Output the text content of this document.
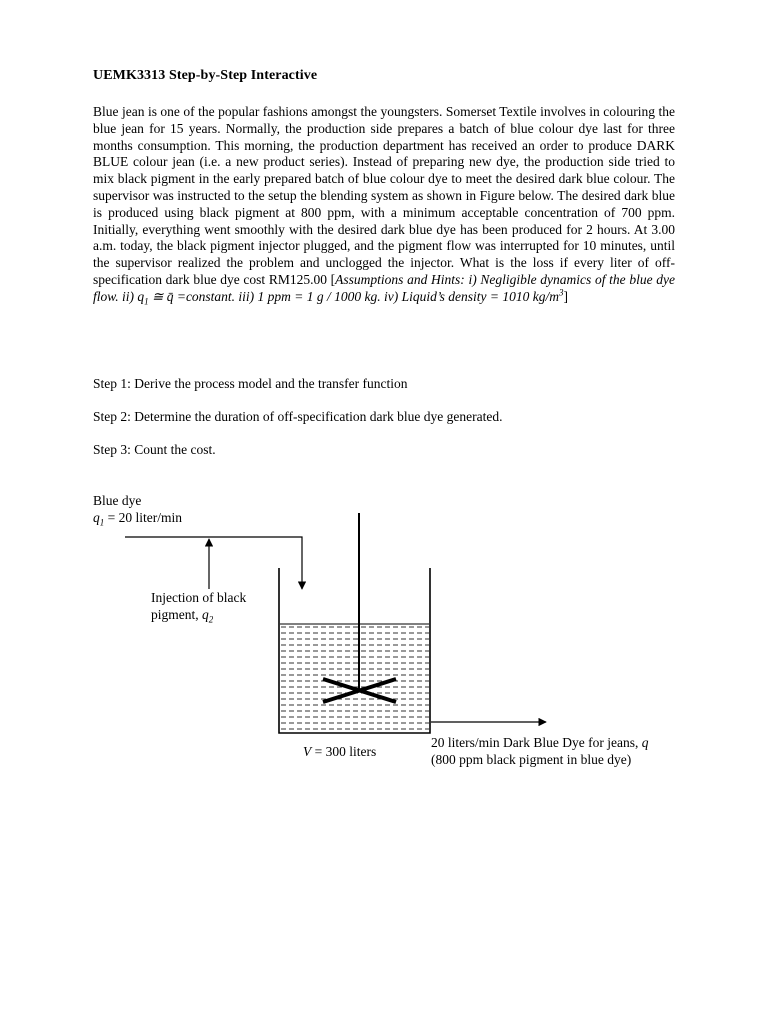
UEMK3313 Step-by-Step Interactive
Blue jean is one of the popular fashions amongst the youngsters. Somerset Textile involves in colouring the blue jean for 15 years. Normally, the production side prepares a batch of blue colour dye last for three months consumption. This morning, the production department has received an order to produce DARK BLUE colour jean (i.e. a new product series). Instead of preparing new dye, the production side tried to mix black pigment in the early prepared batch of blue colour dye to meet the desired dark blue colour. The supervisor was instructed to the setup the blending system as shown in Figure below. The desired dark blue is produced using black pigment at 800 ppm, with a minimum acceptable concentration of 700 ppm. Initially, everything went smoothly with the desired dark blue dye has been produced for 2 hours. At 3.00 a.m. today, the black pigment injector plugged, and the pigment flow was interrupted for 10 minutes, until the supervisor realized the problem and unclogged the injector. What is the loss if every liter of off-specification dark blue dye cost RM125.00 [Assumptions and Hints: i) Negligible dynamics of the blue dye flow. ii) $q_1$ ≅ q̄ =constant. iii) 1 ppm = 1 g / 1000 kg. iv) Liquid’s density = 1010 $kg/m^3$]
Step 1: Derive the process model and the transfer function
Step 2: Determine the duration of off-specification dark blue dye generated.
Step 3: Count the cost.
Blue dye
$q_1 = 20$ liter/min
Injection of black
pigment, $q_2$
V = 300 liters
20 liters/min Dark Blue Dye for jeans, q
(800 ppm black pigment in blue dye)
